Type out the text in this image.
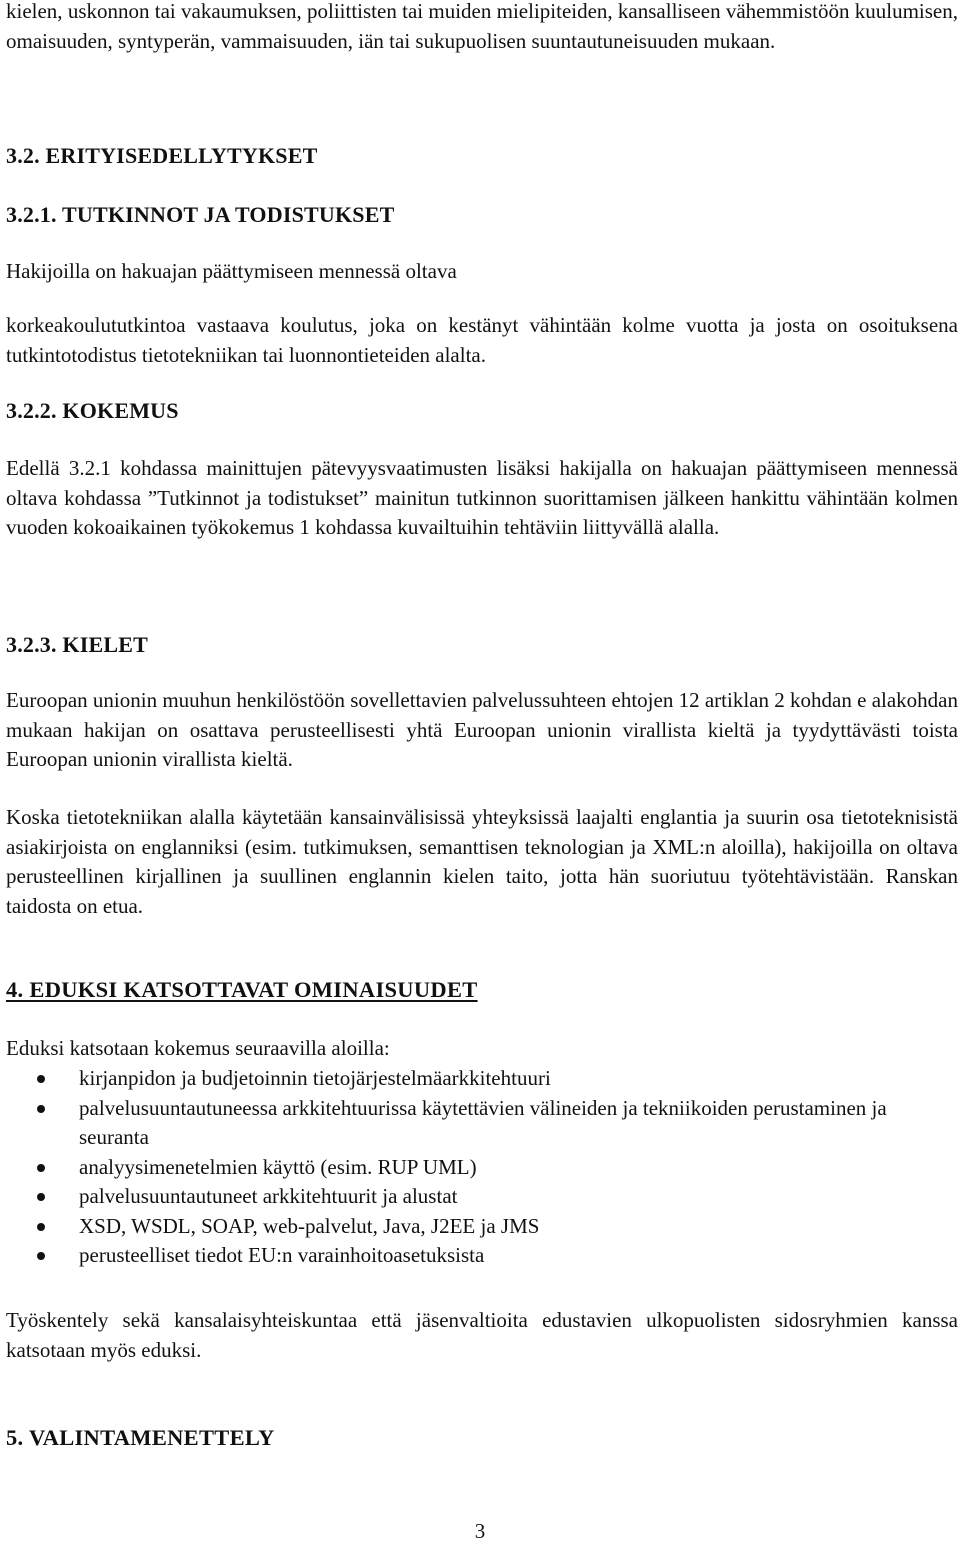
kielen, uskonnon tai vakaumuksen, poliittisten tai muiden mielipiteiden, kansalliseen vähemmistöön kuulumisen, omaisuuden, syntyperän, vammaisuuden, iän tai sukupuolisen suuntautuneisuuden mukaan.

3.2. ERITYISEDELLYTYKSET
3.2.1. TUTKINNOT JA TODISTUKSET

Hakijoilla on hakuajan päättymiseen mennessä oltava

korkeakoulututkintoa vastaava koulutus, joka on kestänyt vähintään kolme vuotta ja josta on osoituksena tutkintotodistus tietotekniikan tai luonnontieteiden alalta.

3.2.2. KOKEMUS

Edellä 3.2.1 kohdassa mainittujen pätevyysvaatimusten lisäksi hakijalla on hakuajan päättymiseen mennessä oltava kohdassa ”Tutkinnot ja todistukset” mainitun tutkinnon suorittamisen jälkeen hankittu vähintään kolmen vuoden kokoaikainen työkokemus 1 kohdassa kuvailtuihin tehtäviin liittyvällä alalla.

3.2.3. KIELET

Euroopan unionin muuhun henkilöstöön sovellettavien palvelussuhteen ehtojen 12 artiklan 2 kohdan e alakohdan mukaan hakijan on osattava perusteellisesti yhtä Euroopan unionin virallista kieltä ja tyydyttävästi toista Euroopan unionin virallista kieltä.

Koska tietotekniikan alalla käytetään kansainvälisissä yhteyksissä laajalti englantia ja suurin osa tietoteknisistä asiakirjoista on englanniksi (esim. tutkimuksen, semanttisen teknologian ja XML:n aloilla), hakijoilla on oltava perusteellinen kirjallinen ja suullinen englannin kielen taito, jotta hän suoriutuu työtehtävistään. Ranskan taidosta on etua.

4. EDUKSI KATSOTTAVAT OMINAISUUDET

Eduksi katsotaan kokemus seuraavilla aloilla:

kirjanpidon ja budjetoinnin tietojärjestelmäarkkitehtuuri
palvelusuuntautuneessa arkkitehtuurissa käytettävien välineiden ja tekniikoiden perustaminen ja seuranta
analyysimenetelmien käyttö (esim. RUP UML)
palvelusuuntautuneet arkkitehtuurit ja alustat
XSD, WSDL, SOAP, web-palvelut, Java, J2EE ja JMS
perusteelliset tiedot EU:n varainhoitoasetuksista

Työskentely sekä kansalaisyhteiskuntaa että jäsenvaltioita edustavien ulkopuolisten sidosryhmien kanssa katsotaan myös eduksi.

5. VALINTAMENETTELY
3
